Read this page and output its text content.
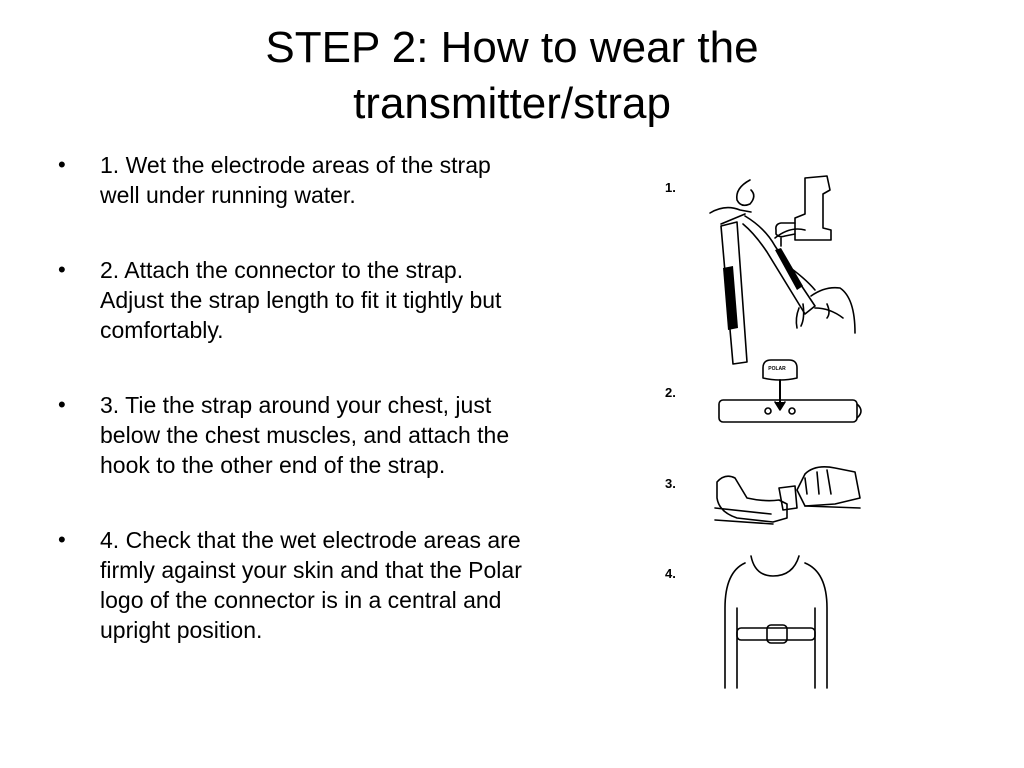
STEP 2: How to wear the transmitter/strap
•	1. Wet the electrode areas of the strap well under running water.
•	2. Attach the connector to the strap. Adjust the strap length to fit it tightly but comfortably.
•	3. Tie the strap around your chest, just below the chest muscles, and attach the hook to the other end of the strap.
•	4. Check that the wet electrode areas are firmly against your skin and that the Polar logo of the connector is in a central and upright position.
1.
2.
3.
4.
POLAR
